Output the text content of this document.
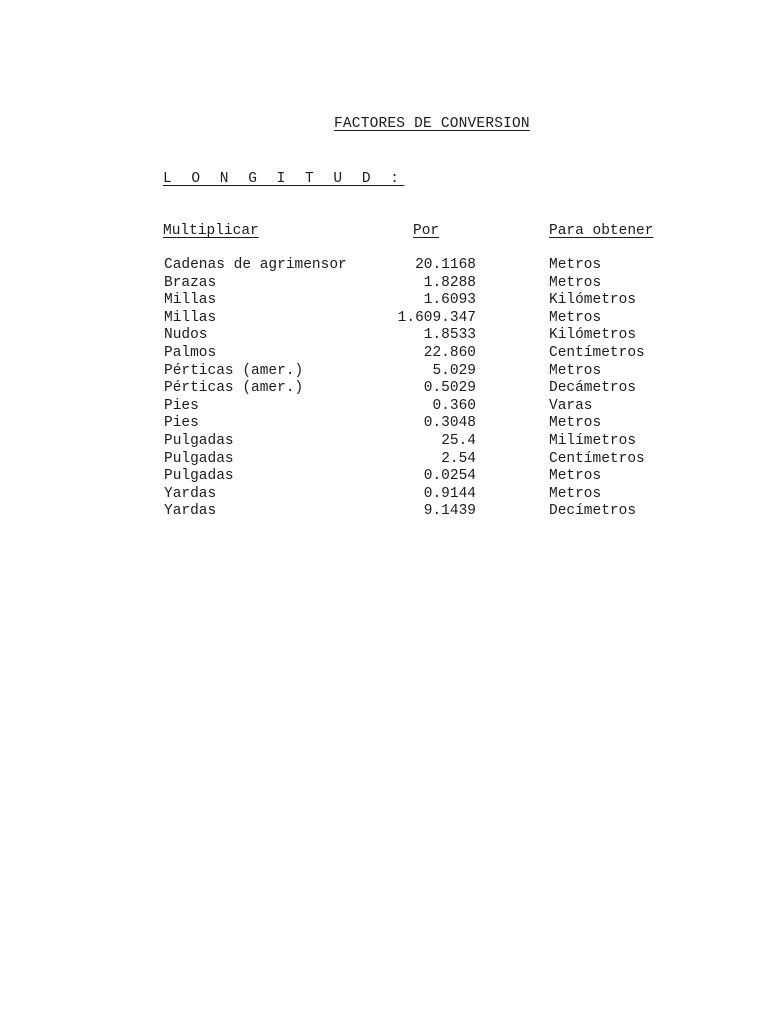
FACTORES DE CONVERSION
L O N G I T U D :
Multiplicar	Por	Para obtener
Cadenas de agrimensor	20.1168	Metros
Brazas	1.8288	Metros
Millas	1.6093	Kilómetros
Millas	1.609.347	Metros
Nudos	1.8533	Kilómetros
Palmos	22.860	Centímetros
Pérticas (amer.)	5.029	Metros
Pérticas (amer.)	0.5029	Decámetros
Pies	0.360	Varas
Pies	0.3048	Metros
Pulgadas	25.4	Milímetros
Pulgadas	2.54	Centímetros
Pulgadas	0.0254	Metros
Yardas	0.9144	Metros
Yardas	9.1439	Decímetros
